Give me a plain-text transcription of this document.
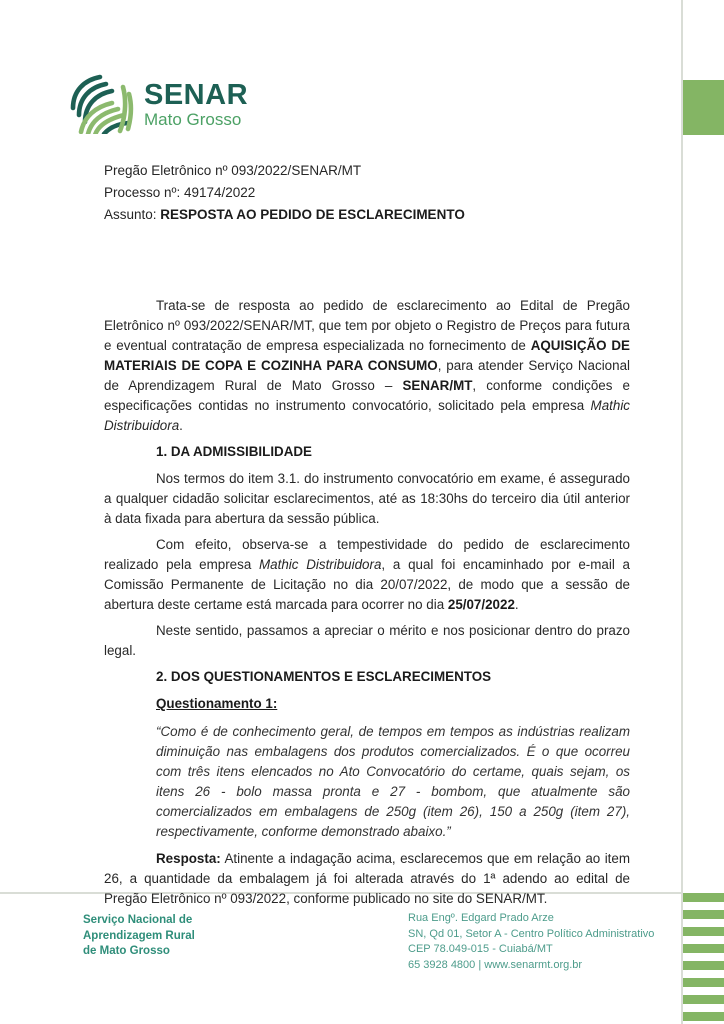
SENAR
Mato Grosso
Pregão Eletrônico nº 093/2022/SENAR/MT
Processo nº: 49174/2022
Assunto: RESPOSTA AO PEDIDO DE ESCLARECIMENTO

Trata-se de resposta ao pedido de esclarecimento ao Edital de Pregão Eletrônico nº 093/2022/SENAR/MT, que tem por objeto o Registro de Preços para futura e eventual contratação de empresa especializada no fornecimento de AQUISIÇÃO DE MATERIAIS DE COPA E COZINHA PARA CONSUMO, para atender Serviço Nacional de Aprendizagem Rural de Mato Grosso – SENAR/MT, conforme condições e especificações contidas no instrumento convocatório, solicitado pela empresa Mathic Distribuidora.

1. DA ADMISSIBILIDADE

Nos termos do item 3.1. do instrumento convocatório em exame, é assegurado a qualquer cidadão solicitar esclarecimentos, até as 18:30hs do terceiro dia útil anterior à data fixada para abertura da sessão pública.

Com efeito, observa-se a tempestividade do pedido de esclarecimento realizado pela empresa Mathic Distribuidora, a qual foi encaminhado por e-mail a Comissão Permanente de Licitação no dia 20/07/2022, de modo que a sessão de abertura deste certame está marcada para ocorrer no dia 25/07/2022.

Neste sentido, passamos a apreciar o mérito e nos posicionar dentro do prazo legal.

2. DOS QUESTIONAMENTOS E ESCLARECIMENTOS

Questionamento 1:

“Como é de conhecimento geral, de tempos em tempos as indústrias realizam diminuição nas embalagens dos produtos comercializados. É o que ocorreu com três itens elencados no Ato Convocatório do certame, quais sejam, os itens 26 - bolo massa pronta e 27 - bombom, que atualmente são comercializados em embalagens de 250g (item 26), 150 a 250g (item 27), respectivamente, conforme demonstrado abaixo.”

Resposta: Atinente a indagação acima, esclarecemos que em relação ao item 26, a quantidade da embalagem já foi alterada através do 1ª adendo ao edital de Pregão Eletrônico nº 093/2022, conforme publicado no site do SENAR/MT.

Serviço Nacional de
Aprendizagem Rural
de Mato Grosso
Rua Engº. Edgard Prado Arze
SN, Qd 01, Setor A - Centro Político Administrativo
CEP 78.049-015 - Cuiabá/MT
65 3928 4800 | www.senarmt.org.br
